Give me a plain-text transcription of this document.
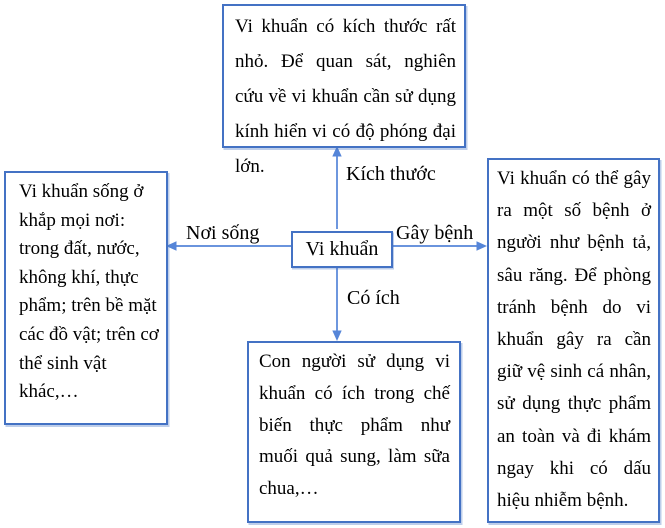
Vi khuẩn có kích thước rất nhỏ. Để quan sát, nghiên cứu về vi khuẩn cần sử dụng kính hiển vi có độ phóng đại lớn.
Vi khuẩn sống ở khắp mọi nơi: trong đất, nước, không khí, thực phẩm; trên bề mặt các đồ vật; trên cơ thể sinh vật khác,…
Vi khuẩn có thể gây ra một số bệnh ở người như bệnh tả, sâu răng. Để phòng tránh bệnh do vi khuẩn gây ra cần giữ vệ sinh cá nhân, sử dụng thực phẩm an toàn và đi khám ngay khi có dấu hiệu nhiễm bệnh.
Con người sử dụng vi khuẩn có ích trong chế biến thực phẩm như muối quả sung, làm sữa chua,…
Vi khuẩn
Kích thước
Nơi sống	Gây bệnh
Có ích
